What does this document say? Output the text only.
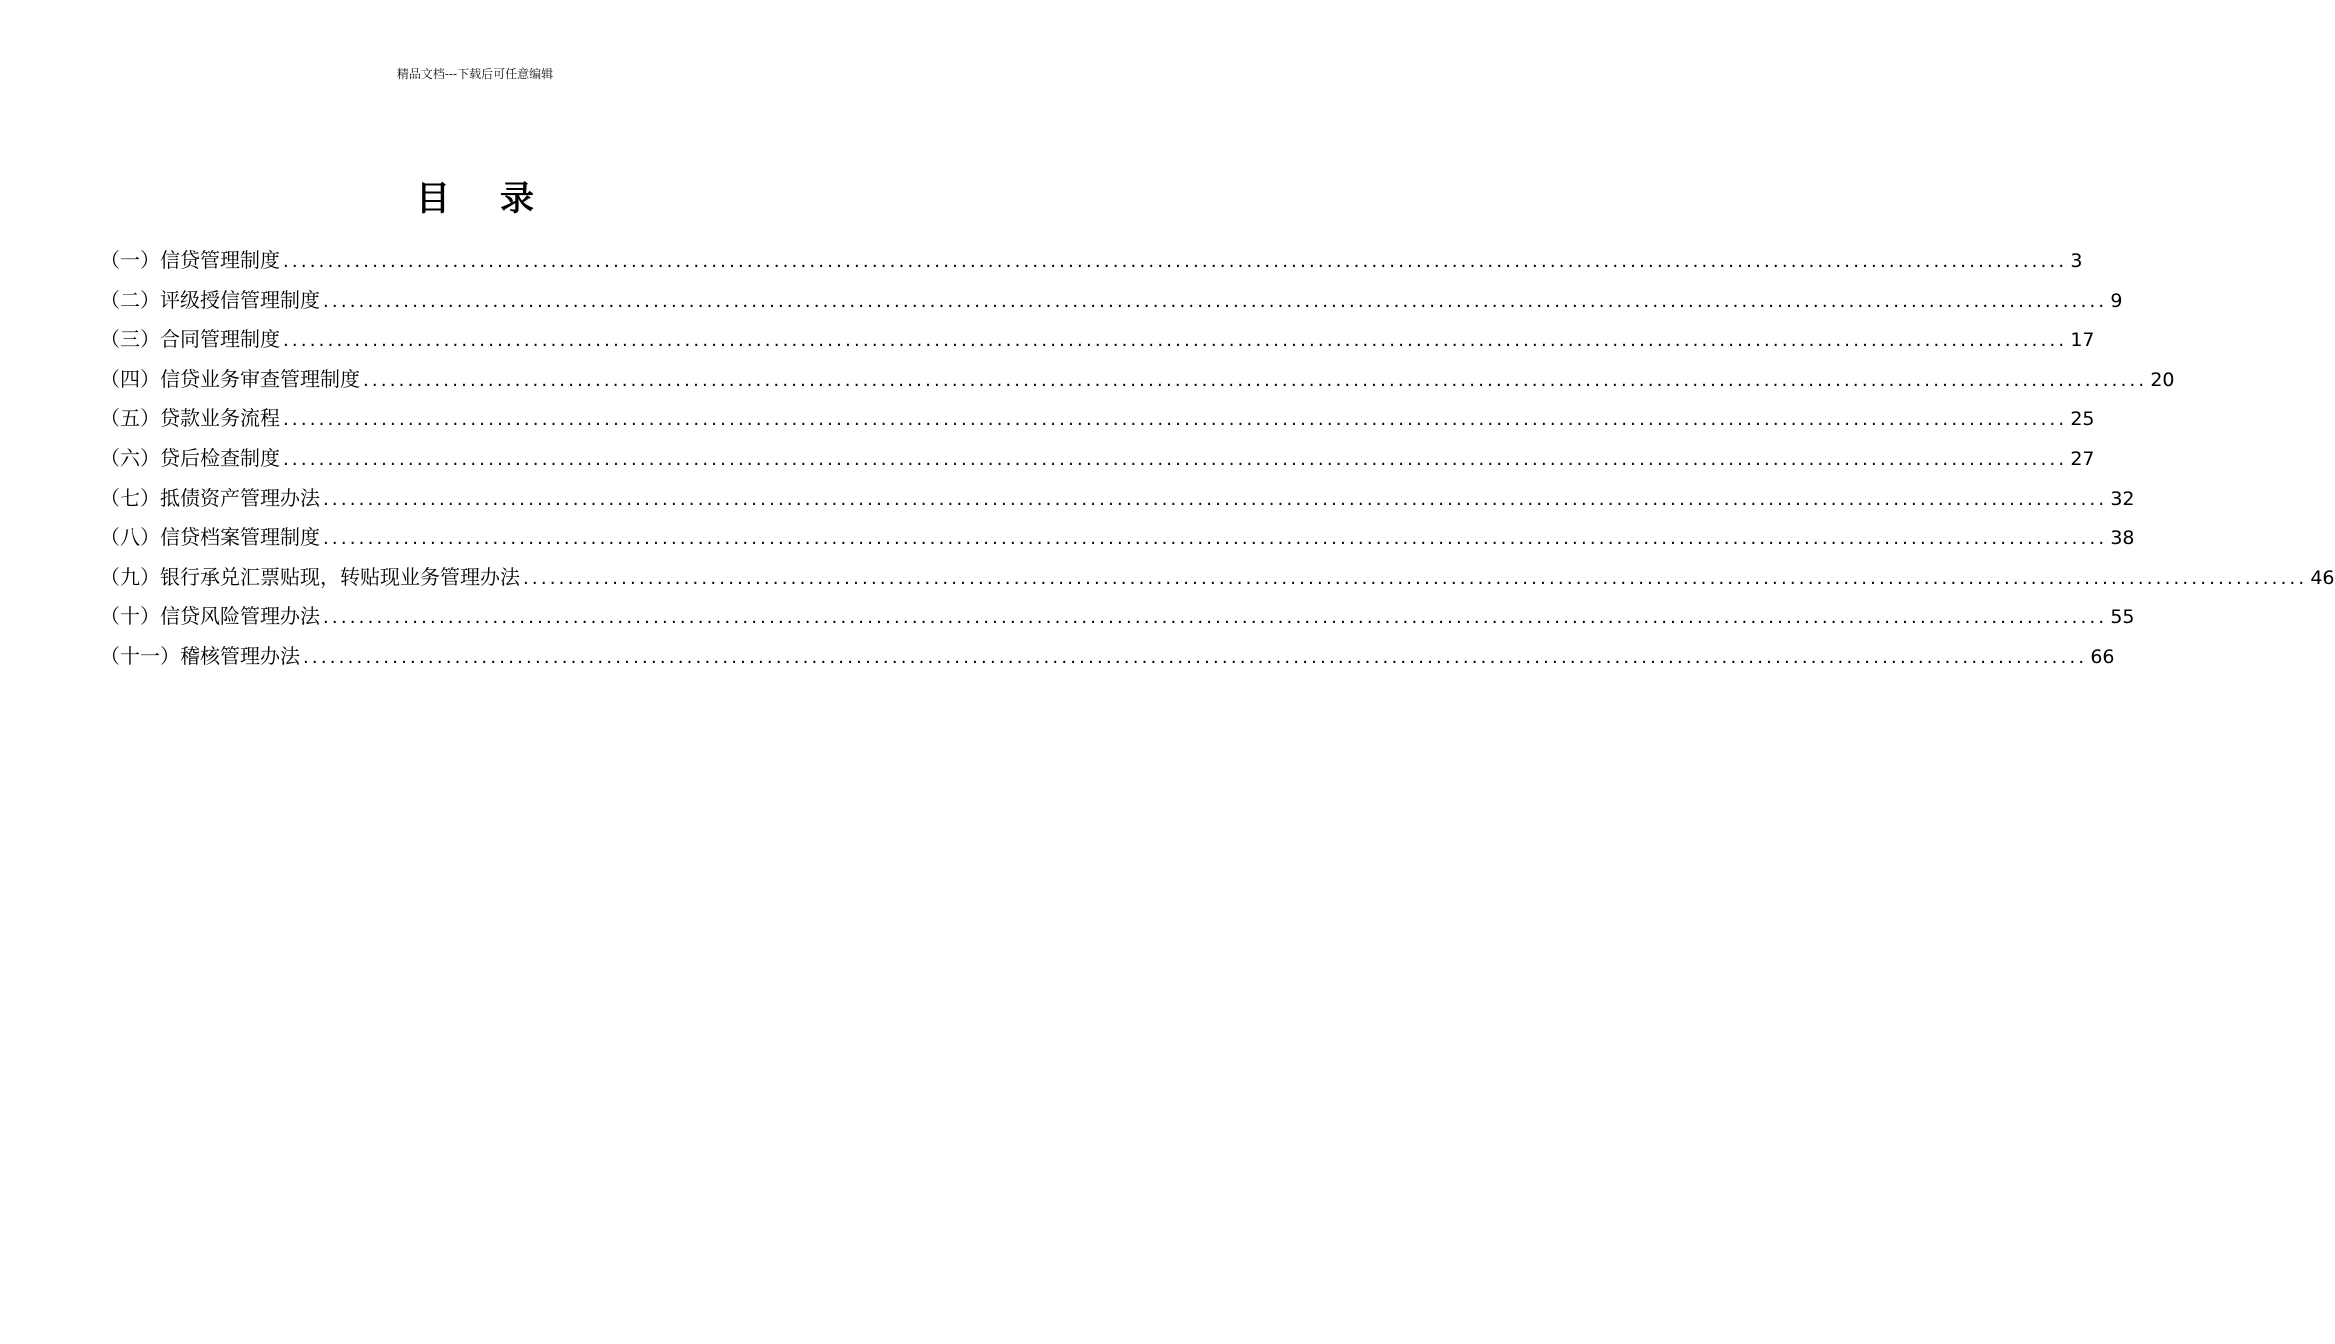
精品文档---下载后可任意编辑
目录
（一）信贷管理制度 ........................................................................................................................................................................................................ 3
（二）评级授信管理制度 ........................................................................................................................................................................................................ 9
（三）合同管理制度 ........................................................................................................................................................................................................ 17
（四）信贷业务审查管理制度 ........................................................................................................................................................................................................ 20
（五）贷款业务流程 ........................................................................................................................................................................................................ 25
（六）贷后检查制度 ........................................................................................................................................................................................................ 27
（七）抵债资产管理办法 ........................................................................................................................................................................................................ 32
（八）信贷档案管理制度 ........................................................................................................................................................................................................ 38
（九）银行承兑汇票贴现，转贴现业务管理办法 ........................................................................................................................................................................................................ 46
（十）信贷风险管理办法 ........................................................................................................................................................................................................ 55
（十一）稽核管理办法 ........................................................................................................................................................................................................ 66
